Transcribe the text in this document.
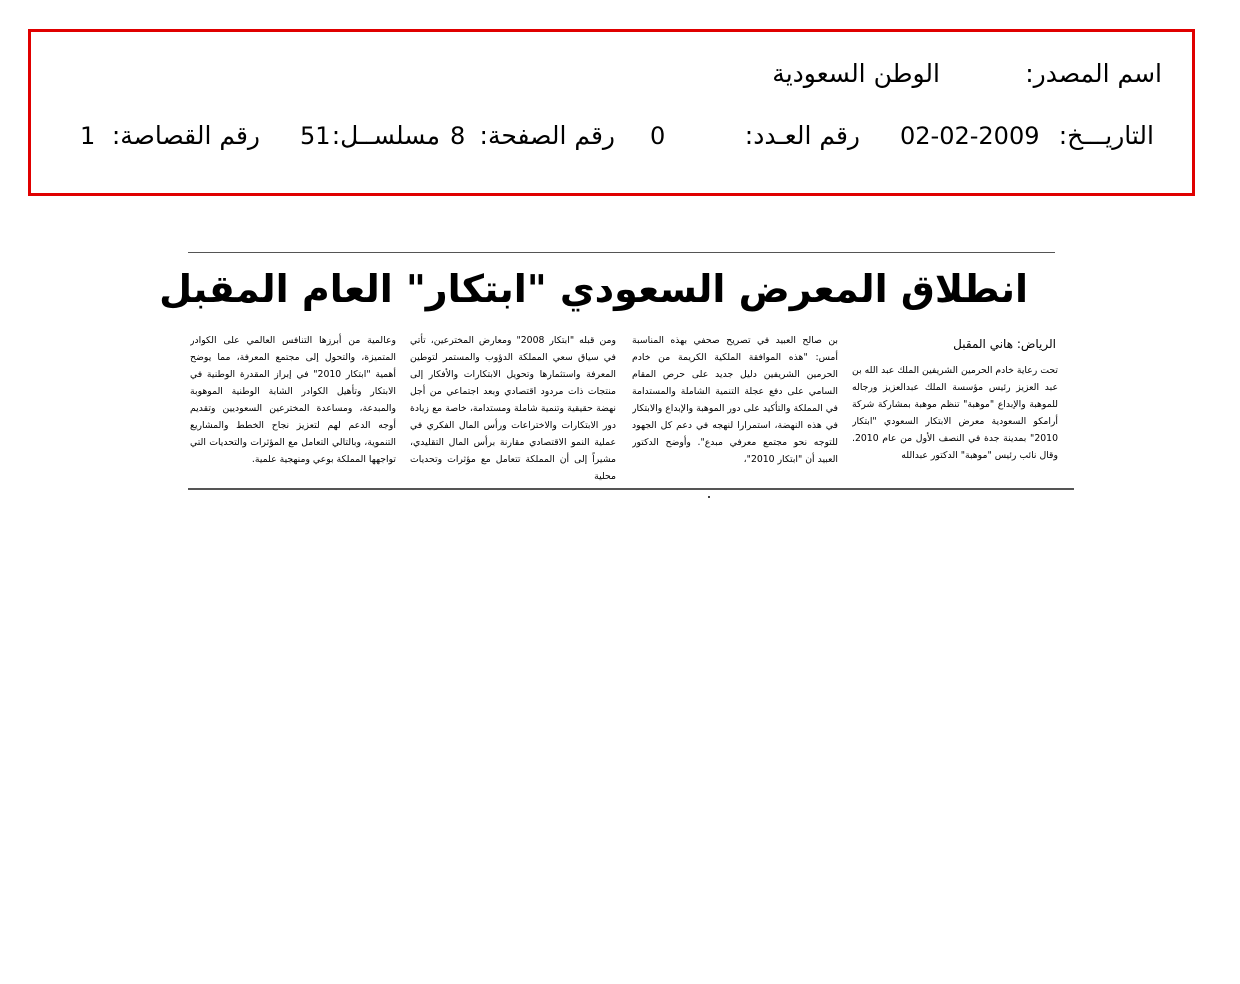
اسم المصدر:
الوطن السعودية
التاريـــخ:
02-02-2009
رقم العـدد:
0
رقم الصفحة:
8
مسلســل:
51
رقم القصاصة:
1
انطلاق المعرض السعودي "ابتكار" العام المقبل
الرياض: هاني المقبل
تحت رعاية خادم الحرمين الشريفين الملك عبد الله بن عبد العزيز رئيس مؤسسة الملك عبدالعزيز ورجاله للموهبة والإبداع "موهبة" تنظم موهبة بمشاركة شركة أرامكو السعودية معرض الابتكار السعودي "ابتكار 2010" بمدينة جدة في النصف الأول من عام 2010. وقال نائب رئيس "موهبة" الدكتور عبدالله
بن صالح العبيد في تصريح صحفي بهذه المناسبة أمس: "هذه الموافقة الملكية الكريمة من خادم الحرمين الشريفين دليل جديد على حرص المقام السامي على دفع عجلة التنمية الشاملة والمستدامة في المملكة والتأكيد على دور الموهبة والإبداع والابتكار في هذه النهضة، استمرارا لنهجه في دعم كل الجهود للتوجه نحو مجتمع معرفي مبدع". وأوضح الدكتور العبيد أن "ابتكار 2010"،
ومن قبله "ابتكار 2008" ومعارض المخترعين، تأتي في سياق سعي المملكة الدؤوب والمستمر لتوطين المعرفة واستثمارها وتحويل الابتكارات والأفكار إلى منتجات ذات مردود اقتصادي وبعد اجتماعي من أجل نهضة حقيقية وتنمية شاملة ومستدامة، خاصة مع زيادة دور الابتكارات والاختراعات ورأس المال الفكري في عملية النمو الاقتصادي مقارنة برأس المال التقليدي، مشيراً إلى أن المملكة تتعامل مع مؤثرات وتحديات محلية
وعالمية من أبرزها التنافس العالمي على الكوادر المتميزة، والتحول إلى مجتمع المعرفة، مما يوضح أهمية "ابتكار 2010" في إبراز المقدرة الوطنية في الابتكار وتأهيل الكوادر الشابة الوطنية الموهوبة والمبدعة، ومساعدة المخترعين السعوديين وتقديم أوجه الدعم لهم لتعزيز نجاح الخطط والمشاريع التنموية، وبالتالي التعامل مع المؤثرات والتحديات التي تواجهها المملكة بوعي ومنهجية علمية.
